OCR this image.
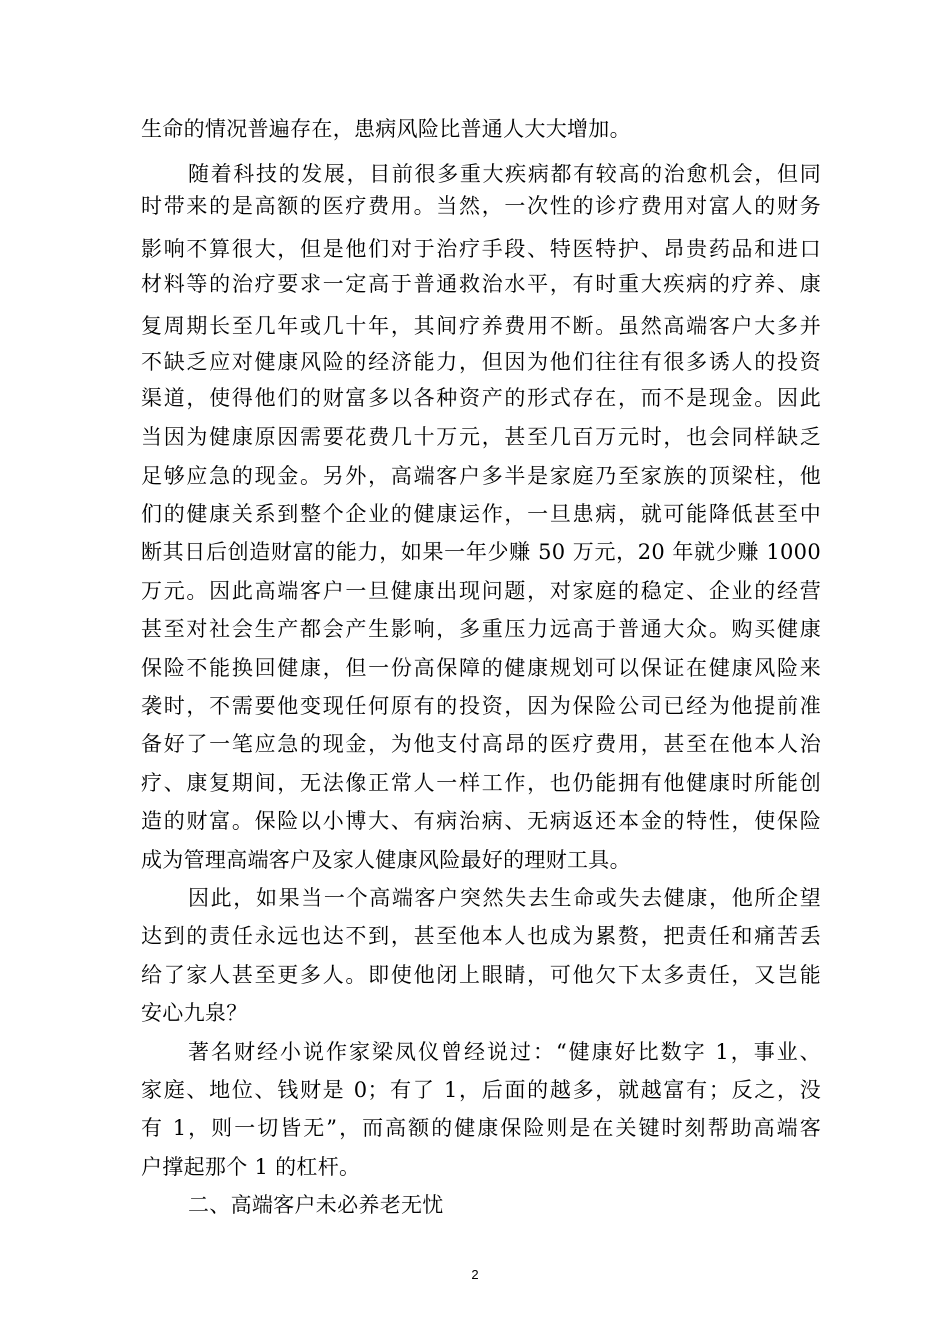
生命的情况普遍存在，患病风险比普通人大大增加。
随着科技的发展，目前很多重大疾病都有较高的治愈机会，但同
时带来的是高额的医疗费用。当然，一次性的诊疗费用对富人的财务
影响不算很大，但是他们对于治疗手段、特医特护、昂贵药品和进口
材料等的治疗要求一定高于普通救治水平，有时重大疾病的疗养、康
复周期长至几年或几十年，其间疗养费用不断。虽然高端客户大多并
不缺乏应对健康风险的经济能力，但因为他们往往有很多诱人的投资
渠道，使得他们的财富多以各种资产的形式存在，而不是现金。因此
当因为健康原因需要花费几十万元，甚至几百万元时，也会同样缺乏
足够应急的现金。另外，高端客户多半是家庭乃至家族的顶梁柱，他
们的健康关系到整个企业的健康运作，一旦患病，就可能降低甚至中
断其日后创造财富的能力，如果一年少赚 50 万元，20 年就少赚 1000
万元。因此高端客户一旦健康出现问题，对家庭的稳定、企业的经营
甚至对社会生产都会产生影响，多重压力远高于普通大众。购买健康
保险不能换回健康，但一份高保障的健康规划可以保证在健康风险来
袭时，不需要他变现任何原有的投资，因为保险公司已经为他提前准
备好了一笔应急的现金，为他支付高昂的医疗费用，甚至在他本人治
疗、康复期间，无法像正常人一样工作，也仍能拥有他健康时所能创
造的财富。保险以小博大、有病治病、无病返还本金的特性，使保险
成为管理高端客户及家人健康风险最好的理财工具。
因此，如果当一个高端客户突然失去生命或失去健康，他所企望
达到的责任永远也达不到，甚至他本人也成为累赘，把责任和痛苦丢
给了家人甚至更多人。即使他闭上眼睛，可他欠下太多责任，又岂能
安心九泉？
著名财经小说作家梁凤仪曾经说过：“健康好比数字 1，事业、
家庭、地位、钱财是 0；有了 1，后面的越多，就越富有；反之，没
有 1，则一切皆无”，而高额的健康保险则是在关键时刻帮助高端客
户撑起那个 1 的杠杆。
二、高端客户未必养老无忧
2
